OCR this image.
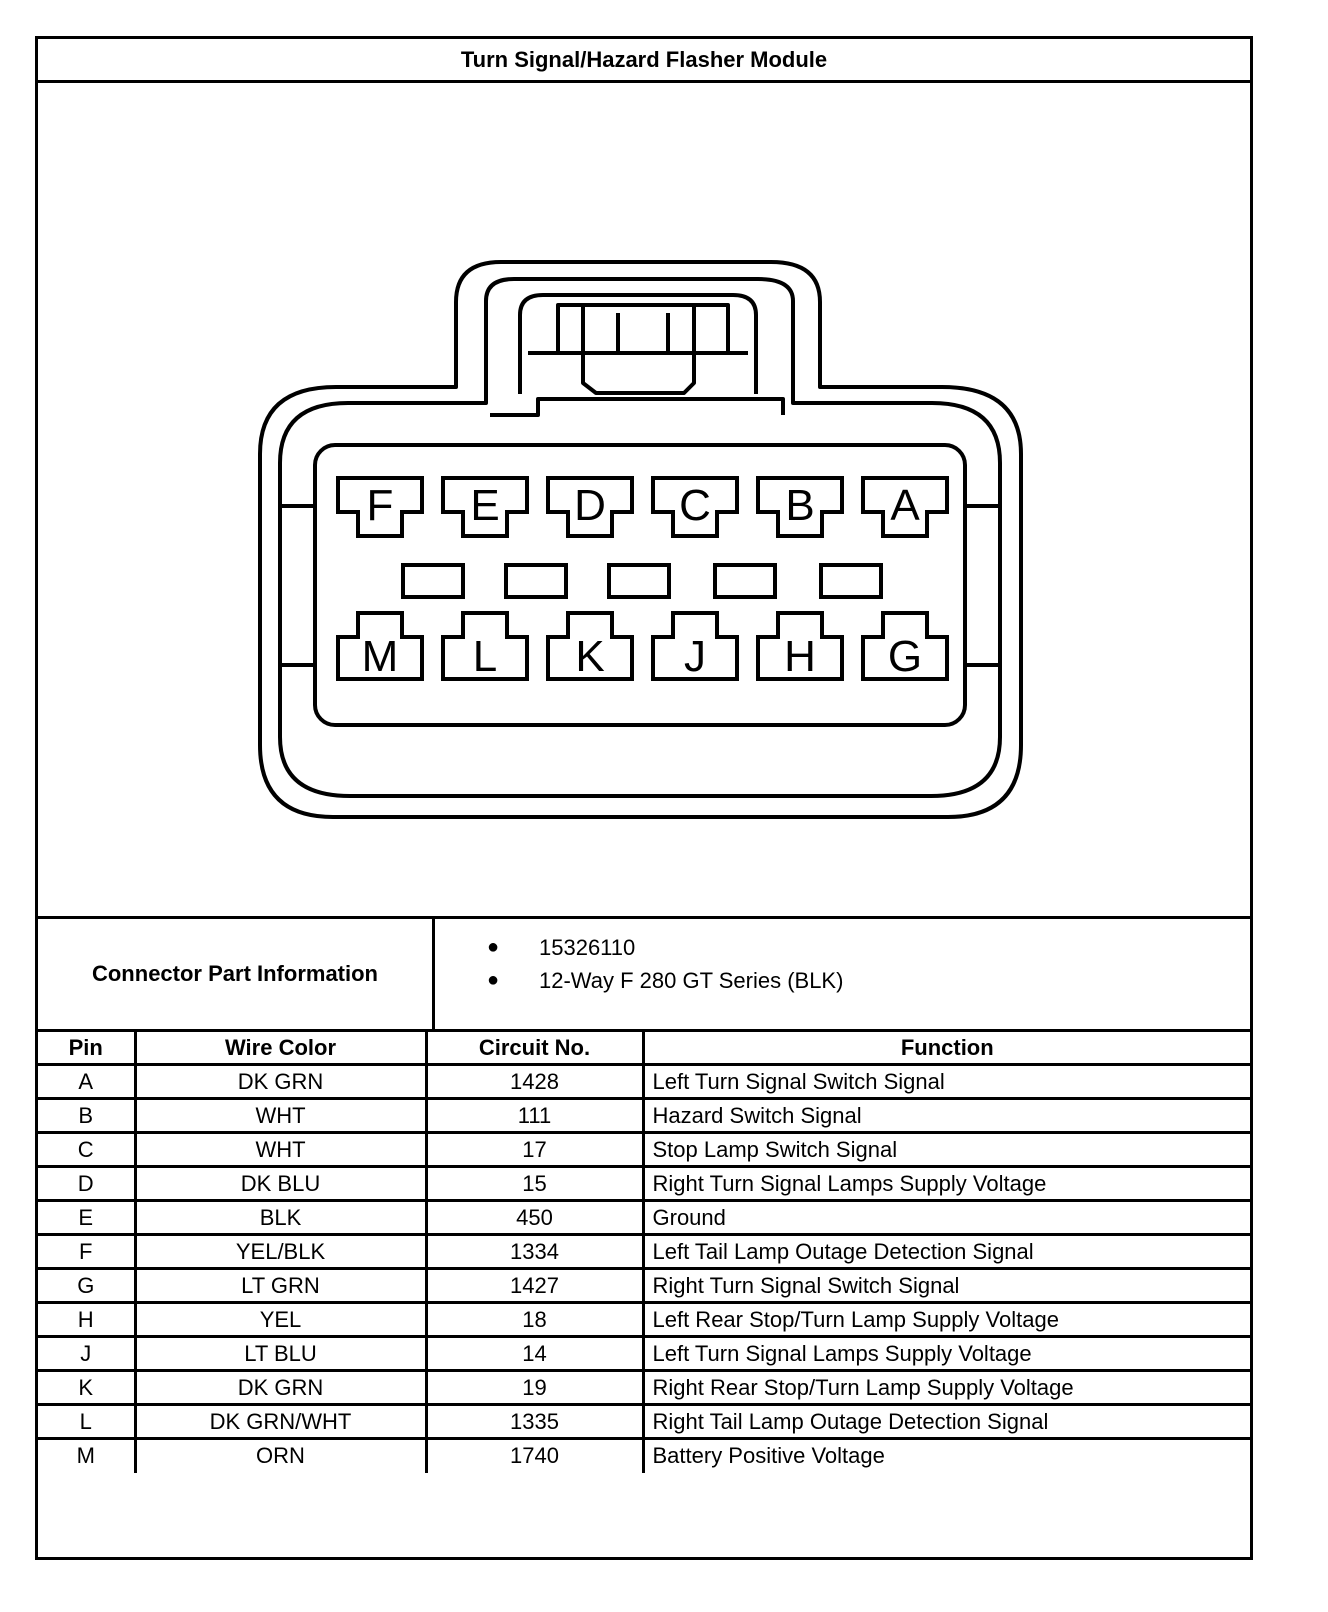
Turn Signal/Hazard Flasher Module
F E D C B A
M L K J H G
Connector Part Information
●	15326110
●	12-Way F 280 GT Series (BLK)
Pin	Wire Color	Circuit No.	Function
A	DK GRN	1428	Left Turn Signal Switch Signal
B	WHT	111	Hazard Switch Signal
C	WHT	17	Stop Lamp Switch Signal
D	DK BLU	15	Right Turn Signal Lamps Supply Voltage
E	BLK	450	Ground
F	YEL/BLK	1334	Left Tail Lamp Outage Detection Signal
G	LT GRN	1427	Right Turn Signal Switch Signal
H	YEL	18	Left Rear Stop/Turn Lamp Supply Voltage
J	LT BLU	14	Left Turn Signal Lamps Supply Voltage
K	DK GRN	19	Right Rear Stop/Turn Lamp Supply Voltage
L	DK GRN/WHT	1335	Right Tail Lamp Outage Detection Signal
M	ORN	1740	Battery Positive Voltage
